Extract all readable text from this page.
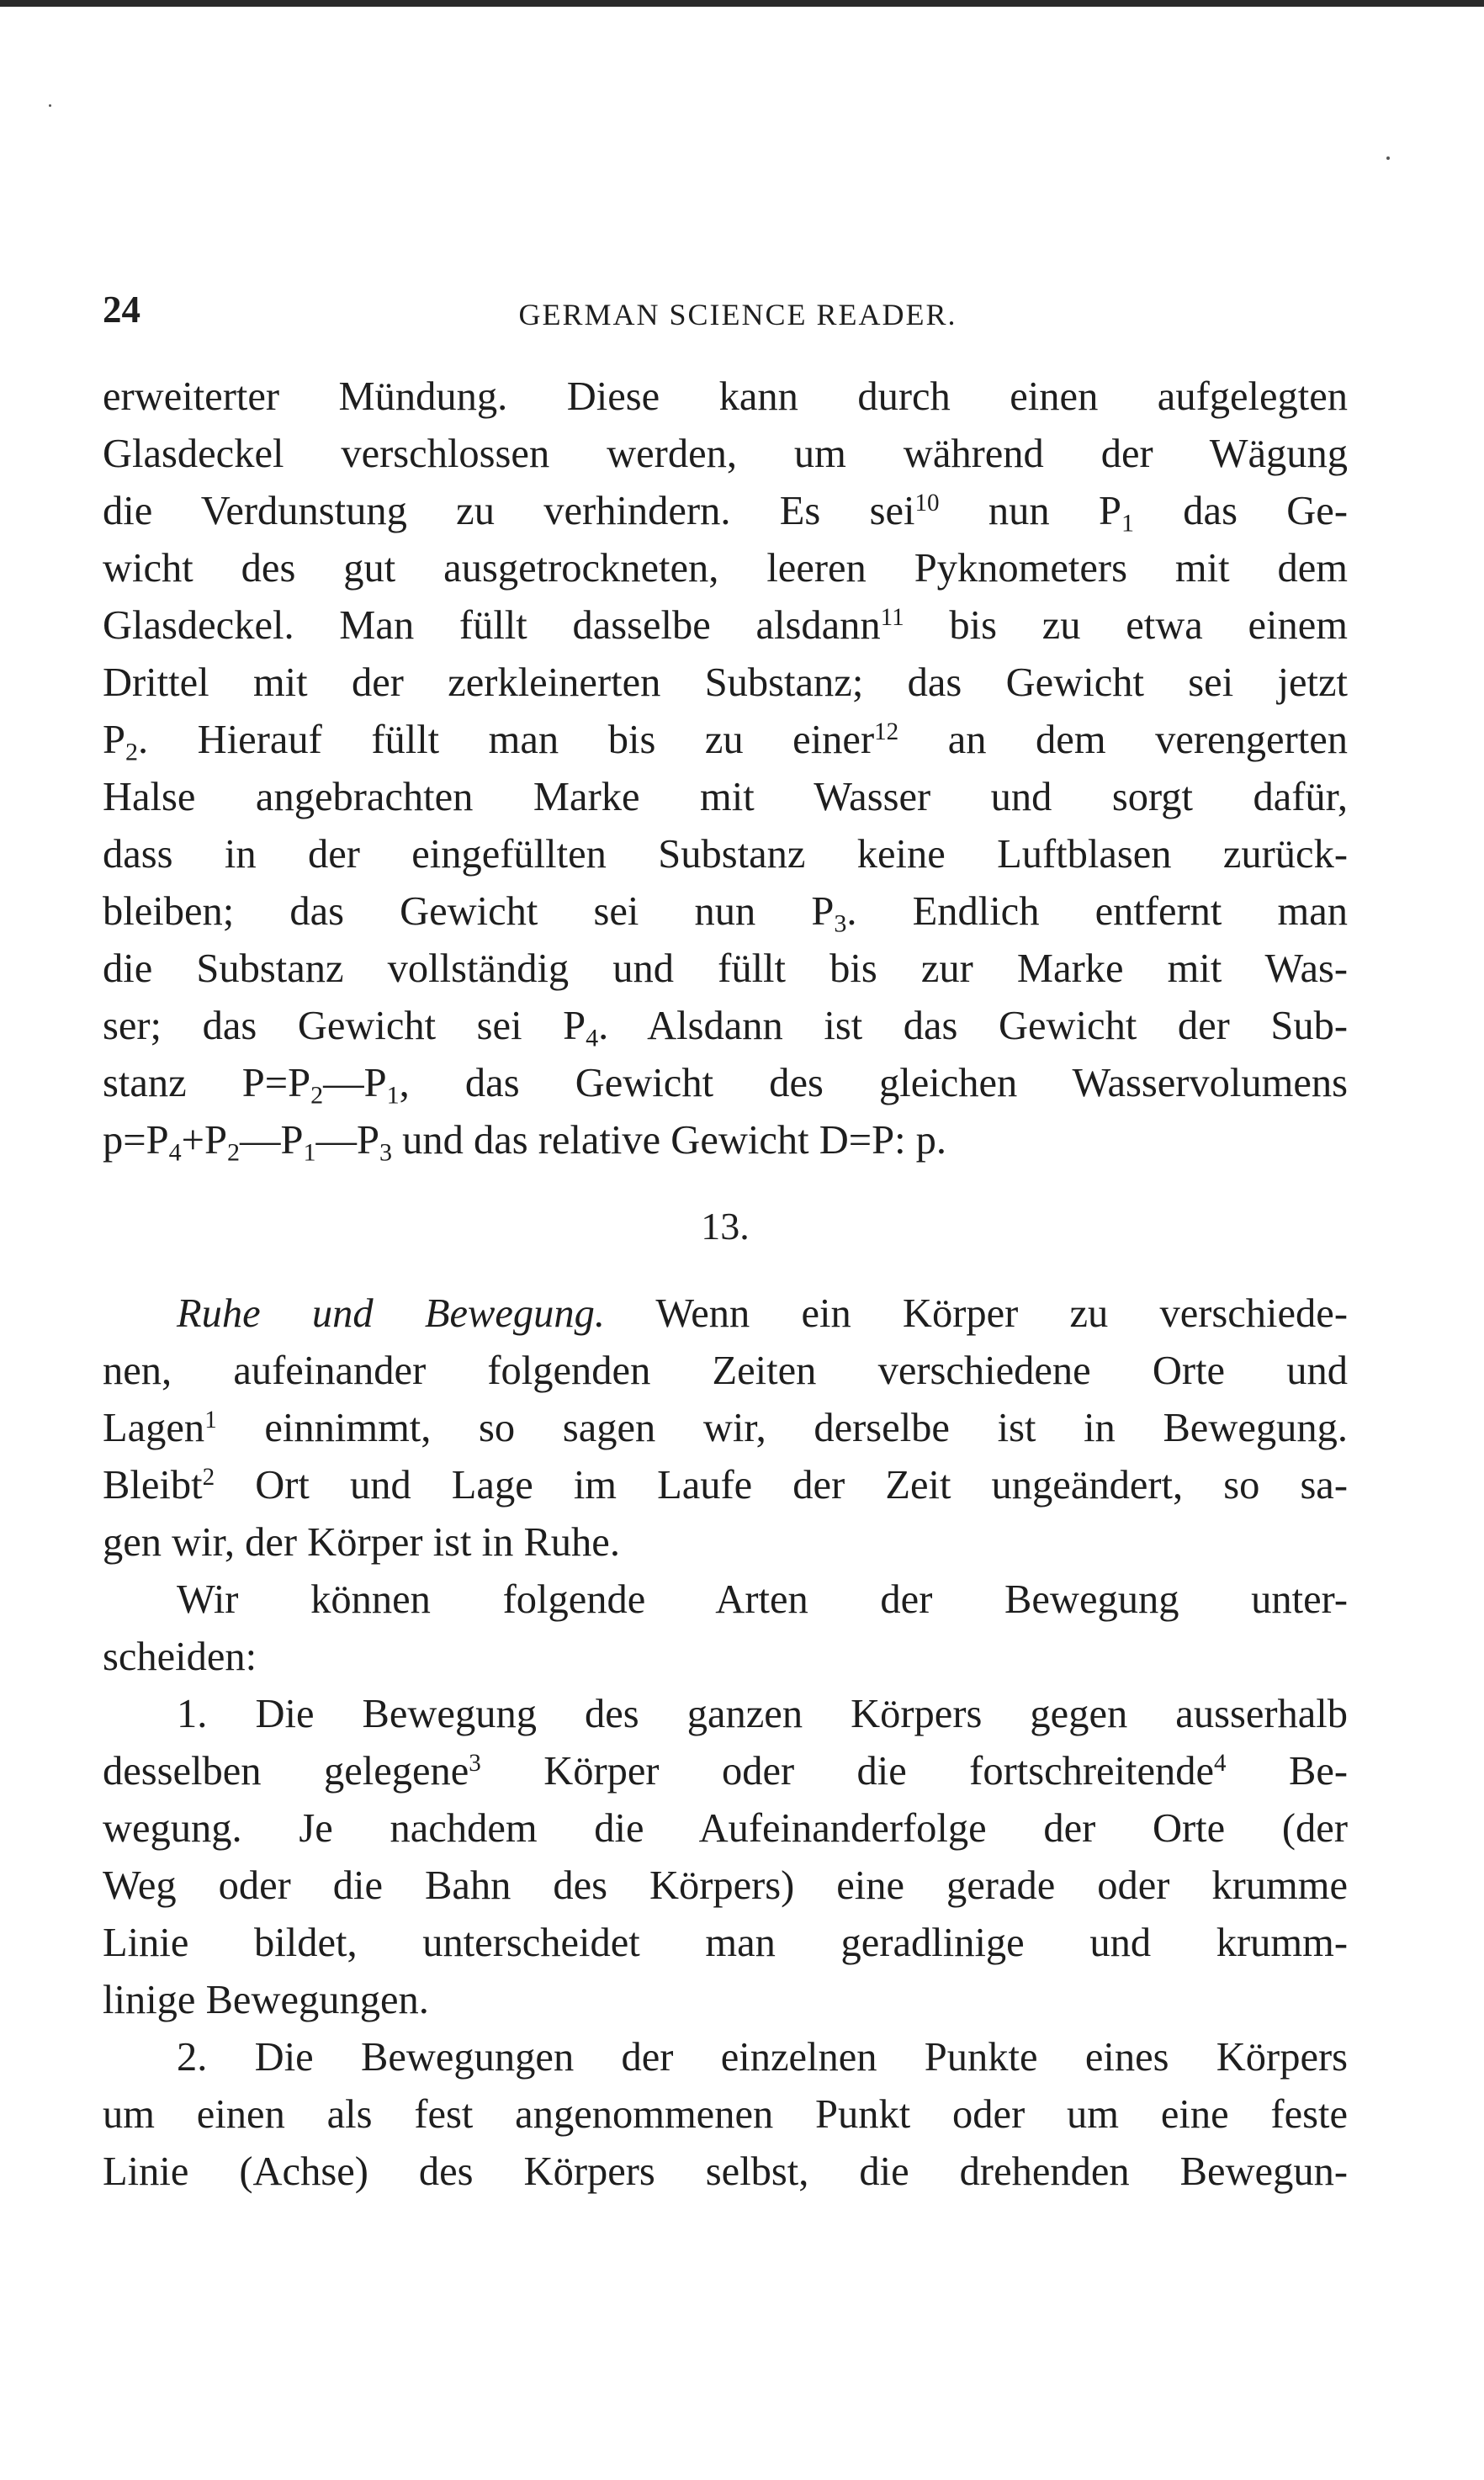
24	GERMAN SCIENCE READER.
erweiterter Mündung. Diese kann durch einen aufgelegten
Glasdeckel verschlossen werden, um während der Wägung
die Verdunstung zu verhindern. Es sei$^{10}$ nun $P_1$ das Ge-
wicht des gut ausgetrockneten, leeren Pyknometers mit dem
Glasdeckel. Man füllt dasselbe alsdann$^{11}$ bis zu etwa einem
Drittel mit der zerkleinerten Substanz; das Gewicht sei jetzt
$P_2$. Hierauf füllt man bis zu einer$^{12}$ an dem verengerten
Halse angebrachten Marke mit Wasser und sorgt dafür,
dass in der eingefüllten Substanz keine Luftblasen zurück-
bleiben; das Gewicht sei nun $P_3$. Endlich entfernt man
die Substanz vollständig und füllt bis zur Marke mit Was-
ser; das Gewicht sei $P_4$. Alsdann ist das Gewicht der Sub-
stanz $P=P_2—P_1$, das Gewicht des gleichen Wasservolumens
$p=P_4+P_2—P_1—P_3$ und das relative Gewicht D=P: p.
13.
Ruhe und Bewegung. Wenn ein Körper zu verschiede-
nen, aufeinander folgenden Zeiten verschiedene Orte und
Lagen$^1$ einnimmt, so sagen wir, derselbe ist in Bewegung.
Bleibt$^2$ Ort und Lage im Laufe der Zeit ungeändert, so sa-
gen wir, der Körper ist in Ruhe.
Wir können folgende Arten der Bewegung unter-
scheiden:
1. Die Bewegung des ganzen Körpers gegen ausserhalb
desselben gelegene$^3$ Körper oder die fortschreitende$^4$ Be-
wegung. Je nachdem die Aufeinanderfolge der Orte (der
Weg oder die Bahn des Körpers) eine gerade oder krumme
Linie bildet, unterscheidet man geradlinige und krumm-
linige Bewegungen.
2. Die Bewegungen der einzelnen Punkte eines Körpers
um einen als fest angenommenen Punkt oder um eine feste
Linie (Achse) des Körpers selbst, die drehenden Bewegun-
